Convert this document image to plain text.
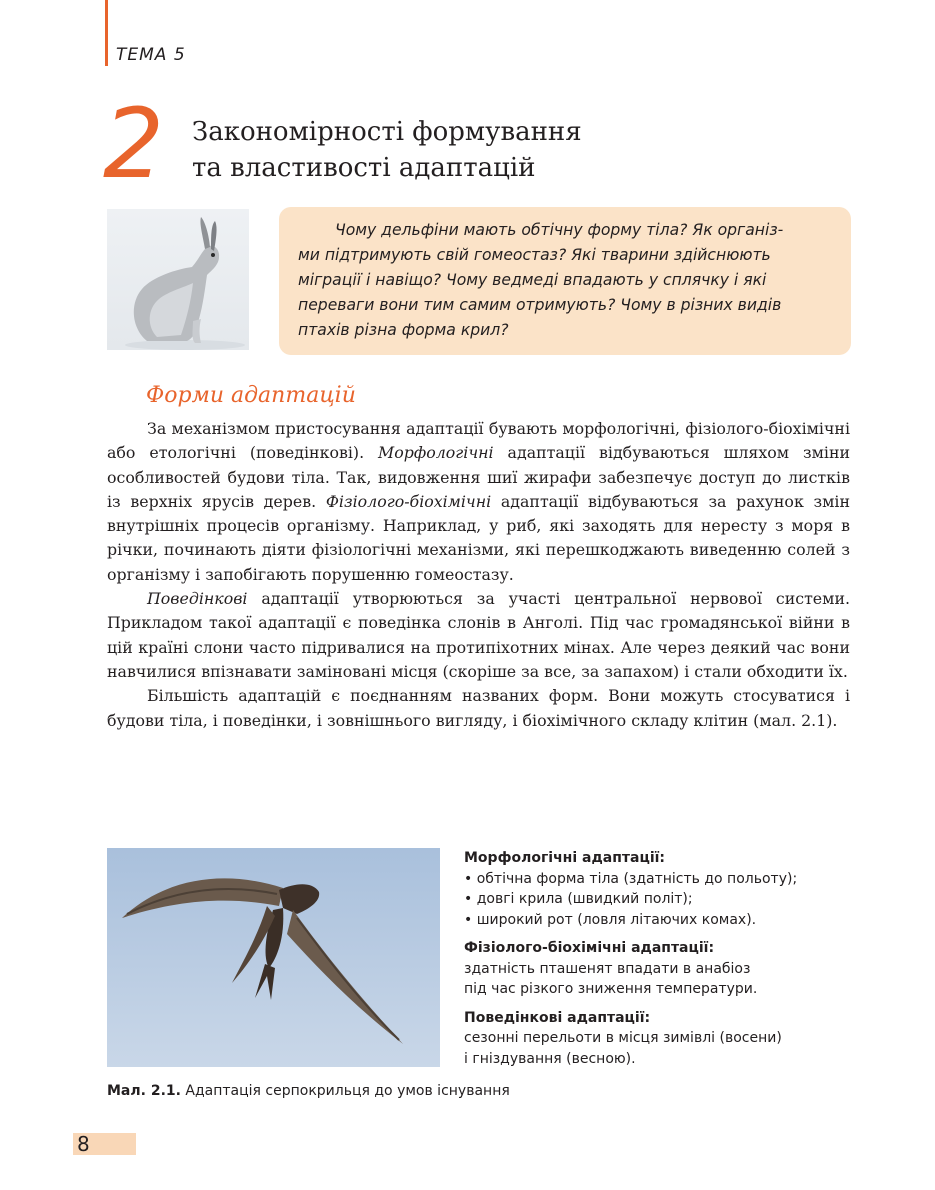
ТЕМА 5
2 Закономірності формування
та властивості адаптацій
Чому дельфіни мають обтічну форму тіла? Як організ-
ми підтримують свій гомеостаз? Які тварини здійснюють
міграції і навіщо? Чому ведмеді впадають у сплячку і які
переваги вони тим самим отримують? Чому в різних видів
птахів різна форма крил?
Форми адаптацій

За механізмом пристосування адаптації бувають морфологічні, фізіолого-біохімічні або етологічні (поведінкові). Морфологічні адаптації відбуваються шляхом зміни особливостей будови тіла. Так, видовження шиї жирафи забезпечує доступ до листків із верхніх ярусів дерев. Фізіолого-біохімічні адаптації відбуваються за рахунок змін внутрішніх процесів організму. Наприклад, у риб, які заходять для нересту з моря в річки, починають діяти фізіологічні механізми, які перешкоджають виведенню солей з організму і запобігають порушенню гомеостазу.

Поведінкові адаптації утворюються за участі центральної нервової системи. Прикладом такої адаптації є поведінка слонів в Анголі. Під час громадянської війни в цій країні слони часто підривалися на протипіхотних мінах. Але через деякий час вони навчилися впізнавати заміновані місця (скоріше за все, за запахом) і стали обходити їх.

Більшість адаптацій є поєднанням названих форм. Вони можуть стосуватися і будови тіла, і поведінки, і зовнішнього вигляду, і біохімічного складу клітин (мал. 2.1).

Морфологічні адаптації:
• обтічна форма тіла (здатність до польоту);
• довгі крила (швидкий політ);
• широкий рот (ловля літаючих комах).
Фізіолого-біохімічні адаптації:
здатність пташенят впадати в анабіоз
під час різкого зниження температури.
Поведінкові адаптації:
сезонні перельоти в місця зимівлі (восени)
і гніздування (весною).
Мал. 2.1. Адаптація серпокрильця до умов існування
8
